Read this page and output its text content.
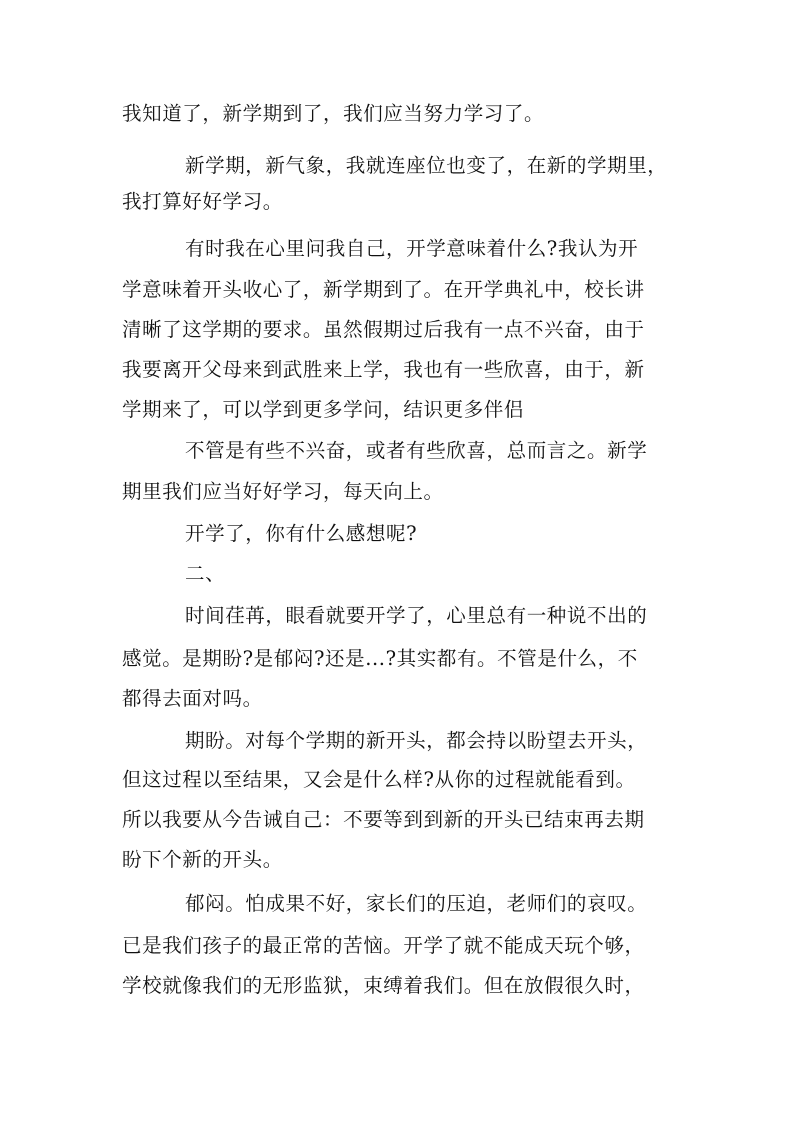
我知道了，新学期到了，我们应当努力学习了。
新学期，新气象，我就连座位也变了，在新的学期里，
我打算好好学习。
有时我在心里问我自己，开学意味着什么?我认为开
学意味着开头收心了，新学期到了。在开学典礼中，校长讲
清晰了这学期的要求。虽然假期过后我有一点不兴奋，由于
我要离开父母来到武胜来上学，我也有一些欣喜，由于，新
学期来了，可以学到更多学问，结识更多伴侣
不管是有些不兴奋，或者有些欣喜，总而言之。新学
期里我们应当好好学习，每天向上。
开学了，你有什么感想呢?
二、
时间荏苒，眼看就要开学了，心里总有一种说不出的
感觉。是期盼?是郁闷?还是...?其实都有。不管是什么，不
都得去面对吗。
期盼。对每个学期的新开头，都会持以盼望去开头，
但这过程以至结果，又会是什么样?从你的过程就能看到。
所以我要从今告诫自己：不要等到到新的开头已结束再去期
盼下个新的开头。
郁闷。怕成果不好，家长们的压迫，老师们的哀叹。
已是我们孩子的最正常的苦恼。开学了就不能成天玩个够，
学校就像我们的无形监狱，束缚着我们。但在放假很久时，
